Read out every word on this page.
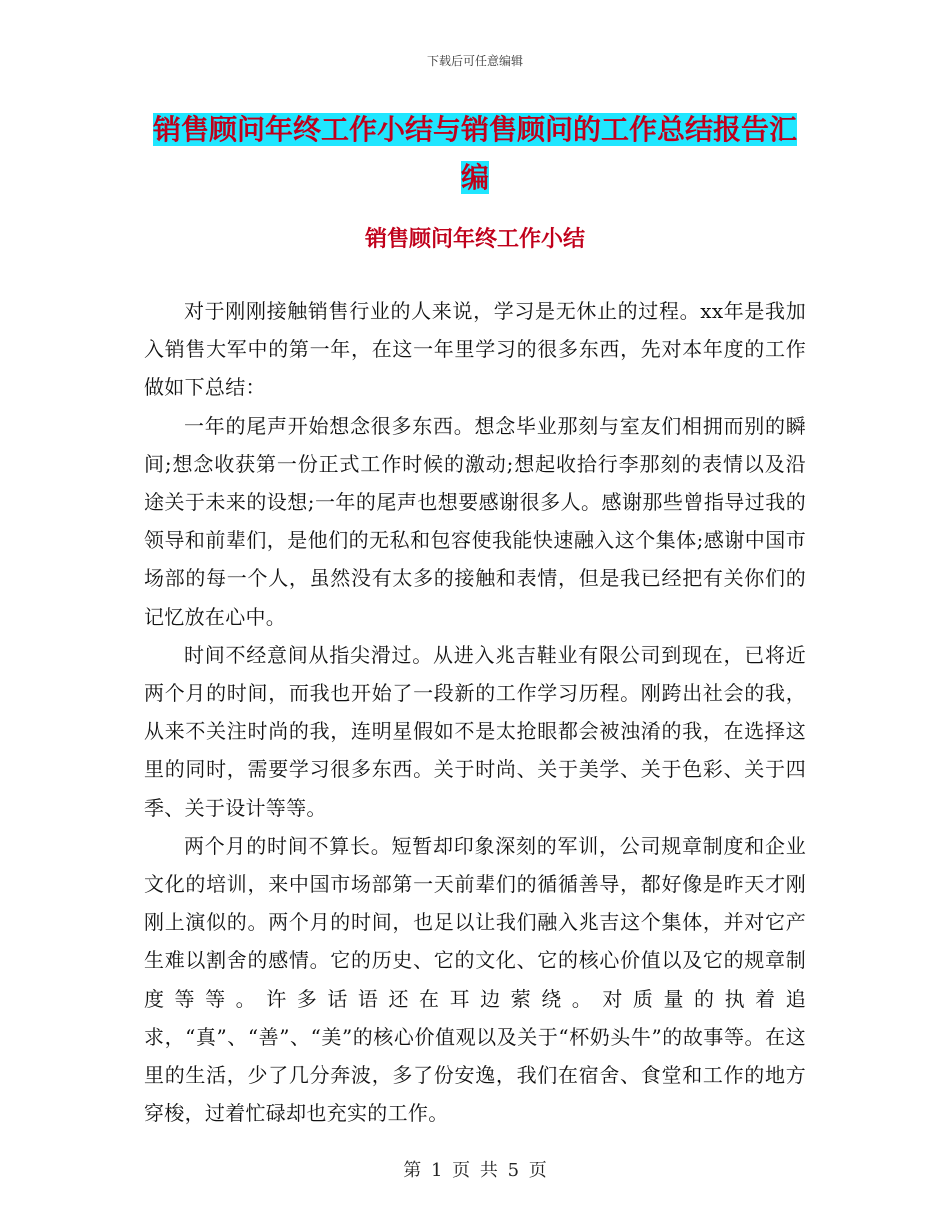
下载后可任意编辑
销售顾问年终工作小结与销售顾问的工作总结报告汇
编
销售顾问年终工作小结

对于刚刚接触销售行业的人来说，学习是无休止的过程。xx年是我加入销售大军中的第一年，在这一年里学习的很多东西，先对本年度的工作做如下总结：

一年的尾声开始想念很多东西。想念毕业那刻与室友们相拥而别的瞬间;想念收获第一份正式工作时候的激动;想起收拾行李那刻的表情以及沿途关于未来的设想;一年的尾声也想要感谢很多人。感谢那些曾指导过我的领导和前辈们，是他们的无私和包容使我能快速融入这个集体;感谢中国市场部的每一个人，虽然没有太多的接触和表情，但是我已经把有关你们的记忆放在心中。

时间不经意间从指尖滑过。从进入兆吉鞋业有限公司到现在，已将近两个月的时间，而我也开始了一段新的工作学习历程。刚跨出社会的我，从来不关注时尚的我，连明星假如不是太抢眼都会被浊淆的我，在选择这里的同时，需要学习很多东西。关于时尚、关于美学、关于色彩、关于四季、关于设计等等。

两个月的时间不算长。短暂却印象深刻的军训，公司规章制度和企业文化的培训，来中国市场部第一天前辈们的循循善导，都好像是昨天才刚刚上演似的。两个月的时间，也足以让我们融入兆吉这个集体，并对它产生难以割舍的感情。它的历史、它的文化、它的核心价值以及它的规章制度等等。许多话语还在耳边萦绕。对质量的执着追求，“真”、“善”、“美”的核心价值观以及关于“杯奶头牛”的故事等。在这里的生活，少了几分奔波，多了份安逸，我们在宿舍、食堂和工作的地方穿梭，过着忙碌却也充实的工作。

第 1 页 共 5 页
